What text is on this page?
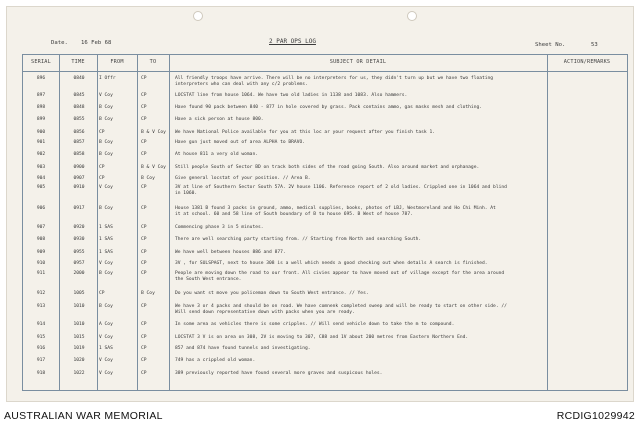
Date. 16 Feb 68	2 PAR OPS LOG	Sheet No.	53
SERIAL	TIME	FROM	TO	SUBJECT OR DETAIL	ACTION/REMARKS
896	0840	I Offr	CP	All friendly troops have arrive. There will be no interpreters for us, they didn't turn up but we have two floating
interpreters who can deal with any c/2 problems.
897	0845	V Coy	CP	LOCSTAT line from house 1064. We have two old ladies in 1138 and 1083. Also hammers.
898	0848	B Coy	CP	Have found 90 pack between 840 - 877 in hole covered by grass. Pack contains ammo, gas masks mesh and clothing.
899	0855	B Coy	CP	Have a sick person at house 800.
900	0856	CP	B & V Coy	We have National Police available for you at this loc ar your request after you finish task 1.
901	0857	B Coy	CP	Have gun just moved out of area ALPHA to BRAVO.
902	0858	B Coy	CP	At house 811 a very old woman.
903	0900	CP	B & V Coy	Still people South of Sector BD on track both sides of the road going South. Also around market and orphanage.
904	0907	CP	B Coy	Give general locstat of your position. // Area B.
905	0910	V Coy	CP	3V at line of Southern Sector South 57A. 2V house 1106. Reference report of 2 old ladies. Crippled one in 1064 and blind
in 1060.
906	0917	B Coy	CP	House 1381 B found 3 packs in ground, ammo, medical supplies, books, photos of LBJ, Westmoreland and Ho Chi Minh. At
it at school. 60 and 58 line of South boundary of B to house 695. B West of house 787.
907	0920	1 SAS	CP	Commencing phase 3 in 5 minutes.
908	0930	1 SAS	CP	There are well searching party starting from. // Starting from North and searching South.
909	0955	1 SAS	CP	We have well between houses 886 and 877.
910	0957	V Coy	CP	3V , for SULSPAGT, next to house 308 is a well which needs a good checking out when details A search is finished.
911	2000	B Coy	CP	People are moving down the road to our front. All civies appear to have moved out of village except for the area around
the South West entrance.
912	1005	CP	B Coy	Do you want st move you policeman down to South West entrance. // Yes.
913	1010	B Coy	CP	We have 3 or 4 packs and should be on road. We have comnenk completed sweep and will be ready to start on other side. //
Will send down representative down with packs when you are ready.
914	1010	A Coy	CP	In some area as vehicles there is some cripples. // Will send vehicle down to take the m to compound.
915	1015	V Coy	CP	LOCSTAT 3 V is on area on 308, 2V is moving to 307, C88 and 1V about 200 metres from Eastern Northern End.
916	1019	1 SAS	CP	857 and 874 have found tunnels and investigating.
917	1020	V Coy	CP	749 has a crippled old woman.
918	1022	V Coy	CP	389 previously reported have found several more graves and suspicous holes.
AUSTRALIAN WAR MEMORIAL	RCDIG1029942
